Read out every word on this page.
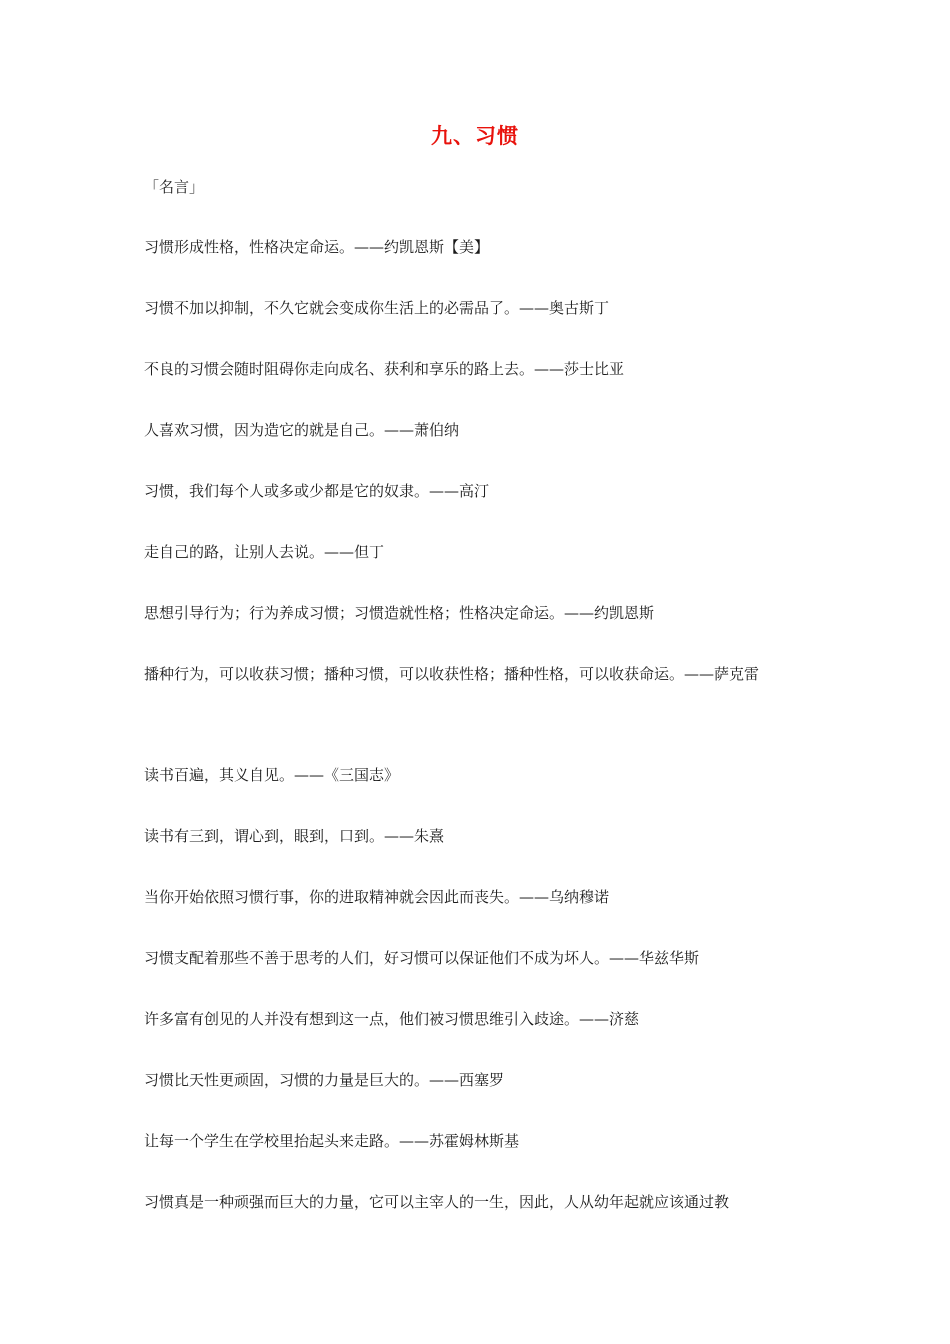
九、习惯
「名言」
习惯形成性格，性格决定命运。——约凯恩斯【美】
习惯不加以抑制，不久它就会变成你生活上的必需品了。——奥古斯丁
不良的习惯会随时阻碍你走向成名、获利和享乐的路上去。——莎士比亚
人喜欢习惯，因为造它的就是自己。——萧伯纳
习惯，我们每个人或多或少都是它的奴隶。——高汀
走自己的路，让别人去说。——但丁
思想引导行为；行为养成习惯；习惯造就性格；性格决定命运。——约凯恩斯
播种行为，可以收获习惯；播种习惯，可以收获性格；播种性格，可以收获命运。——萨克雷
读书百遍，其义自见。——《三国志》
读书有三到，谓心到，眼到，口到。——朱熹
当你开始依照习惯行事，你的进取精神就会因此而丧失。——乌纳穆诺
习惯支配着那些不善于思考的人们，好习惯可以保证他们不成为坏人。——华兹华斯
许多富有创见的人并没有想到这一点，他们被习惯思维引入歧途。——济慈
习惯比天性更顽固，习惯的力量是巨大的。——西塞罗
让每一个学生在学校里抬起头来走路。——苏霍姆林斯基
习惯真是一种顽强而巨大的力量，它可以主宰人的一生，因此，人从幼年起就应该通过教
